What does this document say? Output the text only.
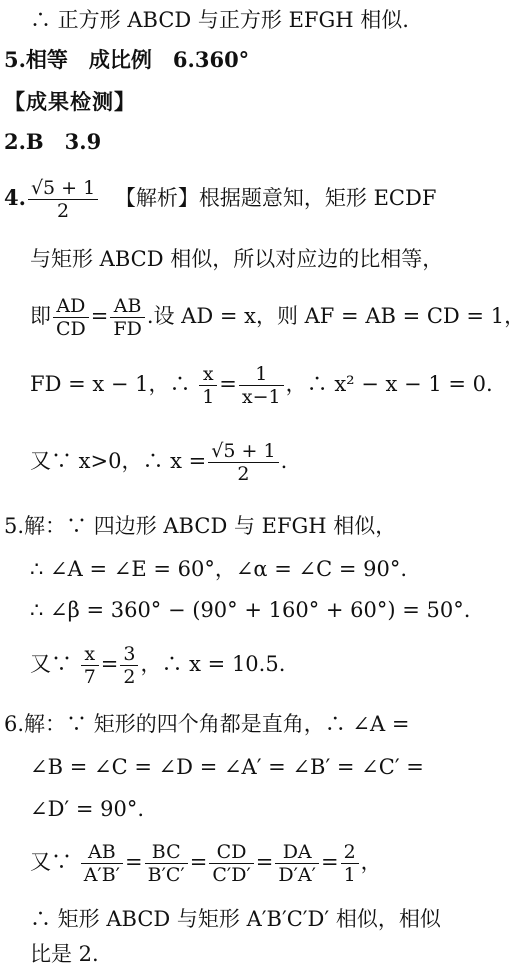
∴ 正方形 ABCD 与正方形 EFGH 相似.
5.相等　成比例　6.360°
【成果检测】
2.B　3.9
4. $\frac{√5 + 1}{2}$ 【解析】根据题意知，矩形 ECDF
与矩形 ABCD 相似，所以对应边的比相等，
即 $\frac{AD}{CD} = \frac{AB}{FD}$ .设 AD = x，则 AF = AB = CD = 1，
FD = x − 1，∴ $\frac{x}{1} = \frac{1}{x-1}$ ，∴ x² − x − 1 = 0.
又∵ x>0，∴ $x = \frac{√5 + 1}{2}$ .
5.解：∵ 四边形 ABCD 与 EFGH 相似，
∴ ∠A = ∠E = 60°，∠α = ∠C = 90°.
∴ ∠β = 360° − (90° + 160° + 60°) = 50°.
又∵ $\frac{x}{7} = \frac{3}{2}$ ，∴ x = 10.5.
6.解：∵ 矩形的四个角都是直角，∴ ∠A =
∠B = ∠C = ∠D = ∠A′ = ∠B′ = ∠C′ =
∠D′ = 90°.
又∵ $\frac{AB}{A'B'} = \frac{BC}{B'C'} = \frac{CD}{C'D'} = \frac{DA}{D'A'} = \frac{2}{1}$ ，
∴ 矩形 ABCD 与矩形 A′B′C′D′ 相似，相似
比是 2.
